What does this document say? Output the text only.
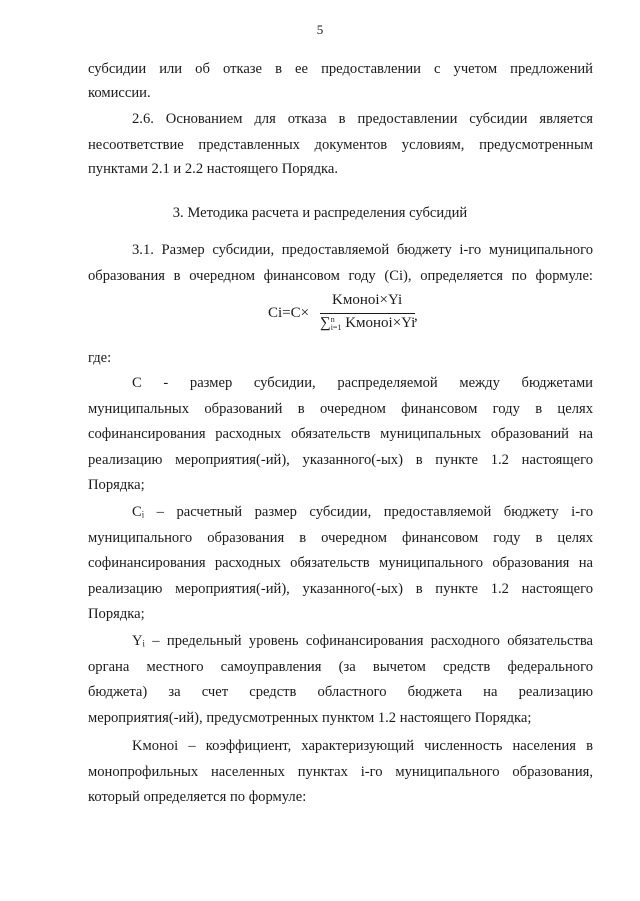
5
субсидии или об отказе в ее предоставлении с учетом предложений
комиссии.
2.6. Основанием для отказа в предоставлении субсидии является
несоответствие представленных документов условиям, предусмотренным
пунктами 2.1 и 2.2 настоящего Порядка.
3. Методика расчета и распределения субсидий
3.1. Размер субсидии, предоставляемой бюджету i-го муниципального
образования в очередном финансовом году (Ci), определяется по формуле:
Ci=C×
Kмоноi×Yi
∑n
i=1 Kмоноi×Yi
,
где:
С - размер субсидии, распределяемой между бюджетами
муниципальных образований в очередном финансовом году в целях
софинансирования расходных обязательств муниципальных образований на
реализацию мероприятия(-ий), указанного(-ых) в пункте 1.2 настоящего
Порядка;
Cᵢ – расчетный размер субсидии, предоставляемой бюджету i-го
муниципального образования в очередном финансовом году в целях
софинансирования расходных обязательств муниципального образования на
реализацию мероприятия(-ий), указанного(-ых) в пункте 1.2 настоящего
Порядка;
Yᵢ – предельный уровень софинансирования расходного обязательства
органа местного самоуправления (за вычетом средств федерального
бюджета) за счет средств областного бюджета на реализацию
мероприятия(-ий), предусмотренных пунктом 1.2 настоящего Порядка;
Kмоноi – коэффициент, характеризующий численность населения в
монопрофильных населенных пунктах i-го муниципального образования,
который определяется по формуле:
